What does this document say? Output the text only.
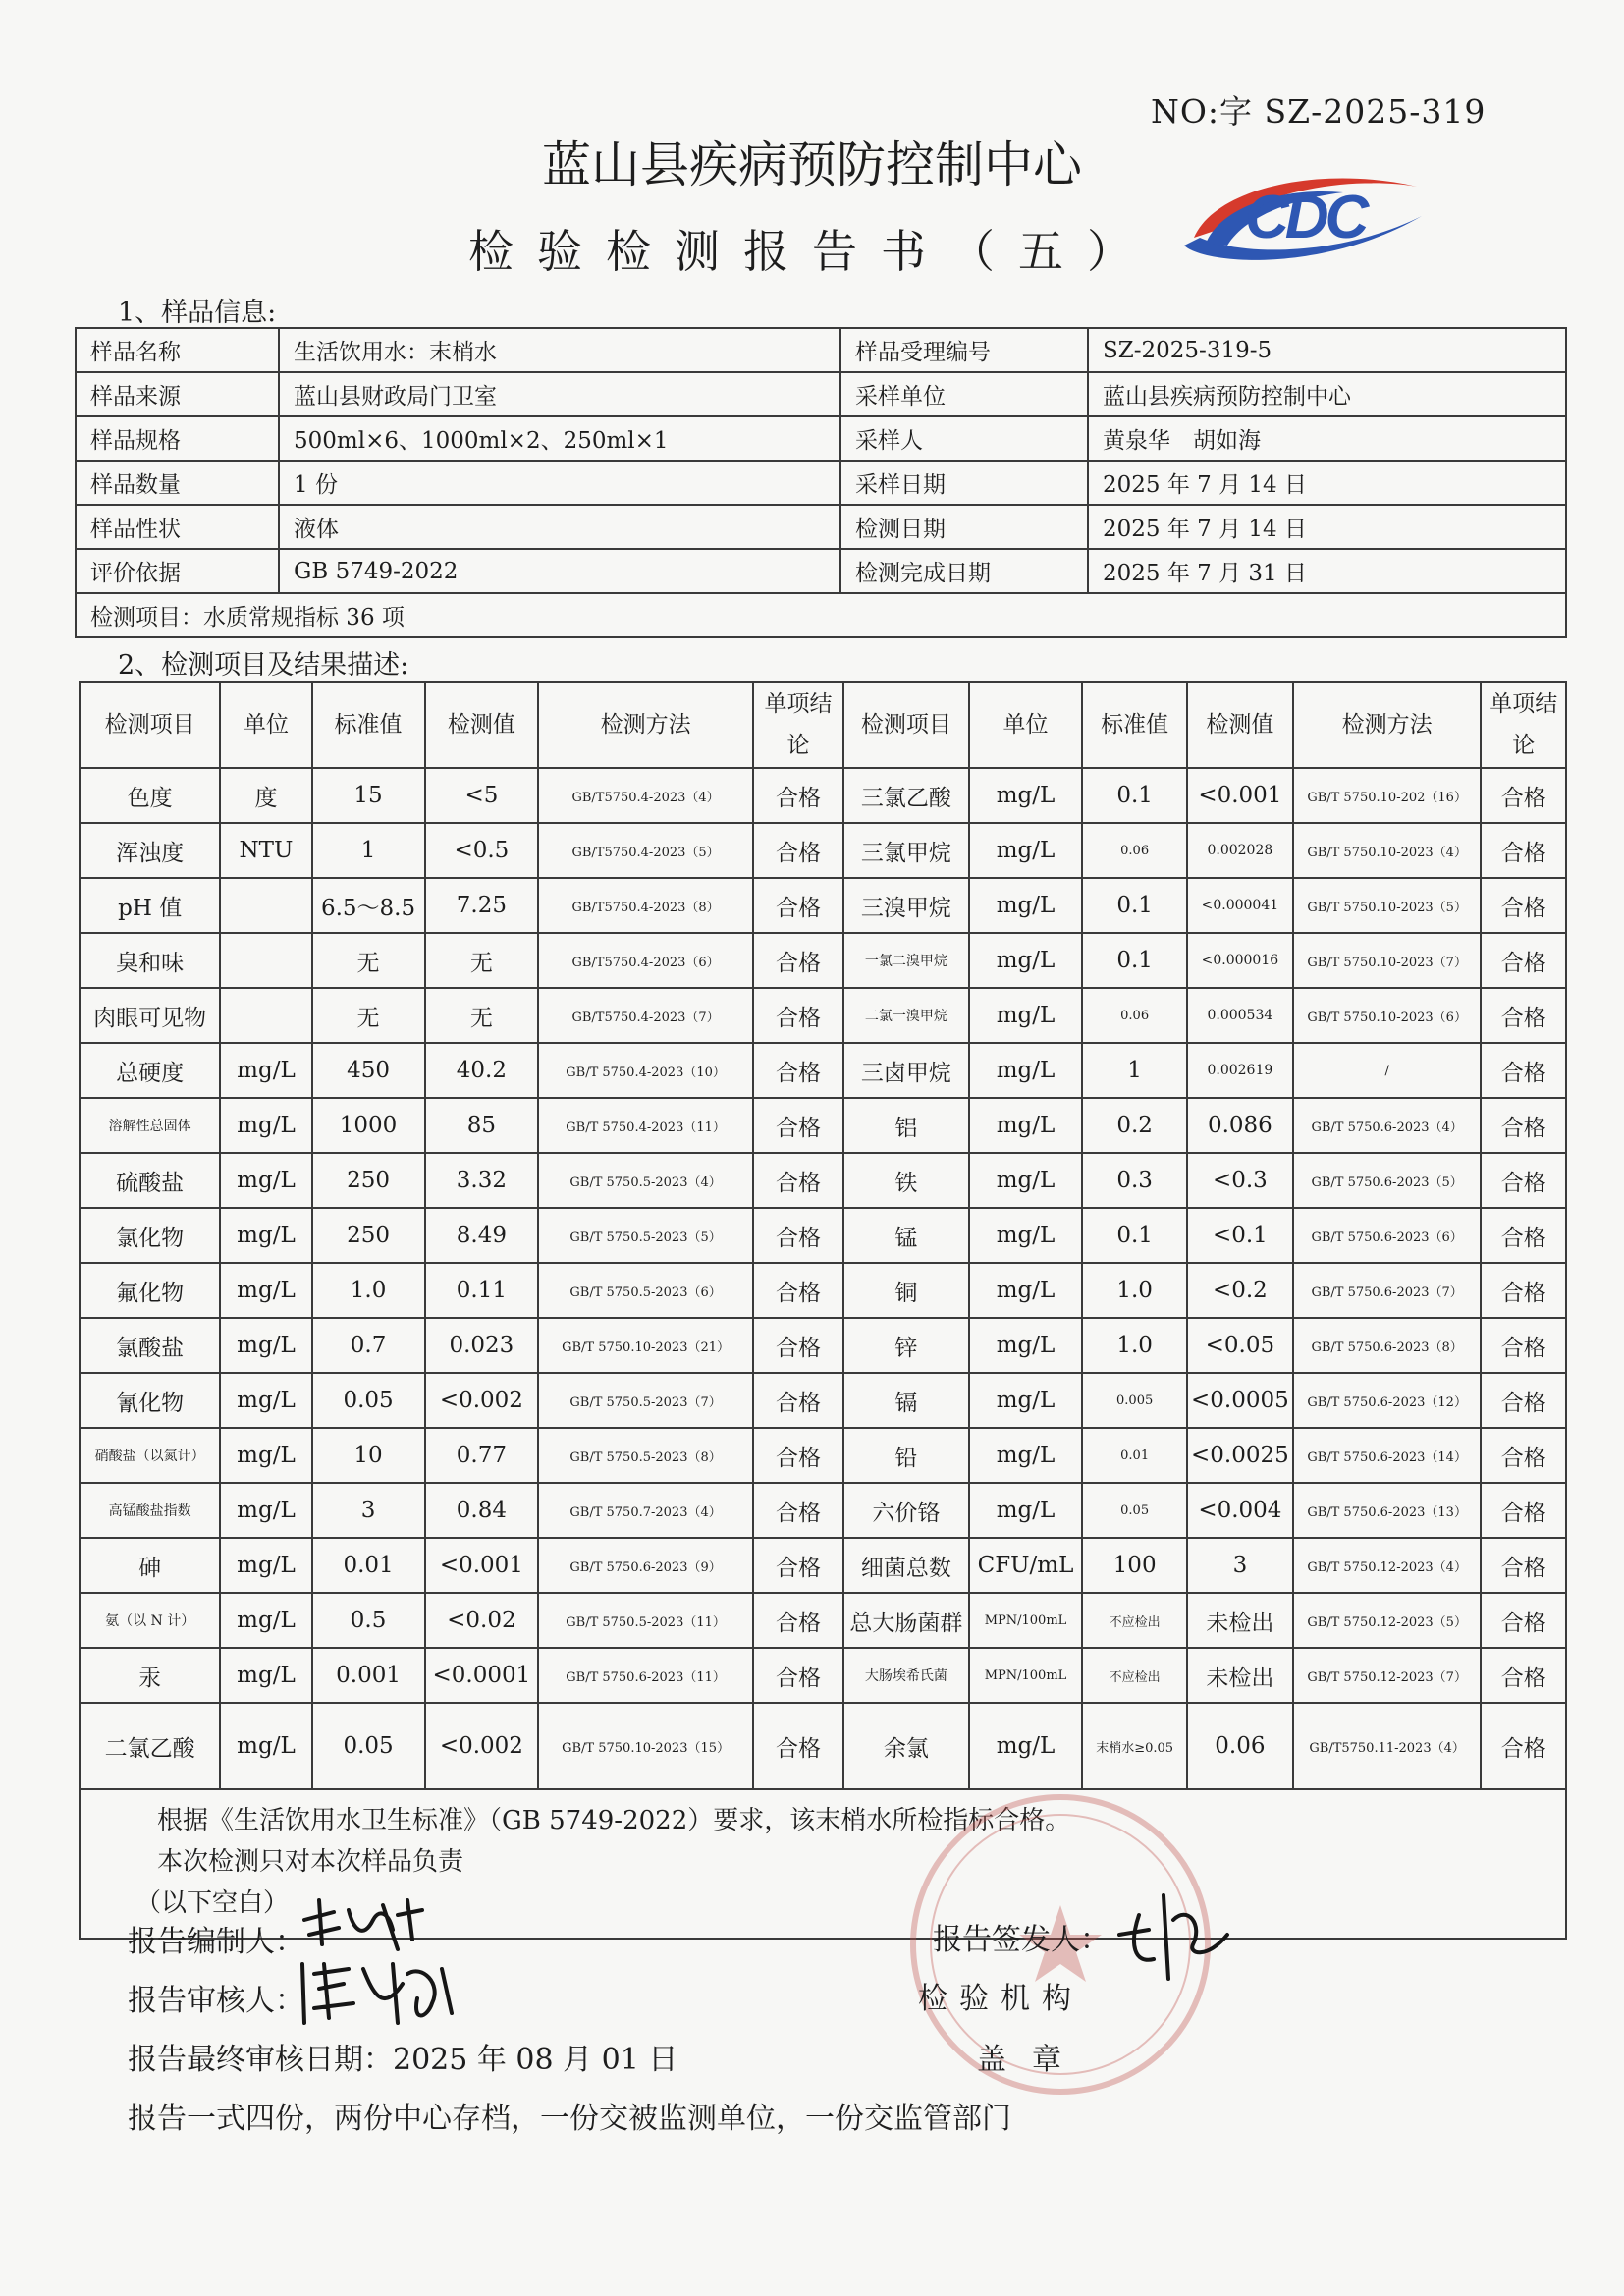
NO:字 SZ-2025-319
蓝山县疾病预防控制中心
检验检测报告书（五）	CDC
1、样品信息:
样品名称	生活饮用水：末梢水	样品受理编号	SZ-2025-319-5
样品来源	蓝山县财政局门卫室	采样单位	蓝山县疾病预防控制中心
样品规格	500ml×6、1000ml×2、250ml×1	采样人	黄泉华　胡如海
样品数量	1 份	采样日期	2025 年 7 月 14 日
样品性状	液体	检测日期	2025 年 7 月 14 日
评价依据	GB 5749-2022	检测完成日期	2025 年 7 月 31 日
检测项目：水质常规指标 36 项			
2、检测项目及结果描述:
检测项目	单位	标准值	检测值	检测方法	单项结论	检测项目	单位	标准值	检测值	检测方法	单项结论
色度	度	15	<5	GB/T5750.4-2023（4）	合格	三氯乙酸	mg/L	0.1	<0.001	GB/T 5750.10-202（16）	合格
浑浊度	NTU	1	<0.5	GB/T5750.4-2023（5）	合格	三氯甲烷	mg/L	0.06	0.002028	GB/T 5750.10-2023（4）	合格
pH 值		6.5～8.5	7.25	GB/T5750.4-2023（8）	合格	三溴甲烷	mg/L	0.1	<0.000041	GB/T 5750.10-2023（5）	合格
臭和味		无	无	GB/T5750.4-2023（6）	合格	一氯二溴甲烷	mg/L	0.1	<0.000016	GB/T 5750.10-2023（7）	合格
肉眼可见物		无	无	GB/T5750.4-2023（7）	合格	二氯一溴甲烷	mg/L	0.06	0.000534	GB/T 5750.10-2023（6）	合格
总硬度	mg/L	450	40.2	GB/T 5750.4-2023（10）	合格	三卤甲烷	mg/L	1	0.002619	/	合格
溶解性总固体	mg/L	1000	85	GB/T 5750.4-2023（11）	合格	铝	mg/L	0.2	0.086	GB/T 5750.6-2023（4）	合格
硫酸盐	mg/L	250	3.32	GB/T 5750.5-2023（4）	合格	铁	mg/L	0.3	<0.3	GB/T 5750.6-2023（5）	合格
氯化物	mg/L	250	8.49	GB/T 5750.5-2023（5）	合格	锰	mg/L	0.1	<0.1	GB/T 5750.6-2023（6）	合格
氟化物	mg/L	1.0	0.11	GB/T 5750.5-2023（6）	合格	铜	mg/L	1.0	<0.2	GB/T 5750.6-2023（7）	合格
氯酸盐	mg/L	0.7	0.023	GB/T 5750.10-2023（21）	合格	锌	mg/L	1.0	<0.05	GB/T 5750.6-2023（8）	合格
氰化物	mg/L	0.05	<0.002	GB/T 5750.5-2023（7）	合格	镉	mg/L	0.005	<0.0005	GB/T 5750.6-2023（12）	合格
硝酸盐（以氮计）	mg/L	10	0.77	GB/T 5750.5-2023（8）	合格	铅	mg/L	0.01	<0.0025	GB/T 5750.6-2023（14）	合格
高锰酸盐指数	mg/L	3	0.84	GB/T 5750.7-2023（4）	合格	六价铬	mg/L	0.05	<0.004	GB/T 5750.6-2023（13）	合格
砷	mg/L	0.01	<0.001	GB/T 5750.6-2023（9）	合格	细菌总数	CFU/mL	100	3	GB/T 5750.12-2023（4）	合格
氨（以 N 计）	mg/L	0.5	<0.02	GB/T 5750.5-2023（11）	合格	总大肠菌群	MPN/100mL	不应检出	未检出	GB/T 5750.12-2023（5）	合格
汞	mg/L	0.001	<0.0001	GB/T 5750.6-2023（11）	合格	大肠埃希氏菌	MPN/100mL	不应检出	未检出	GB/T 5750.12-2023（7）	合格
二氯乙酸	mg/L	0.05	<0.002	GB/T 5750.10-2023（15）	合格	余氯	mg/L	末梢水≥0.05	0.06	GB/T5750.11-2023（4）	合格

根据《生活饮用水卫生标准》（GB 5749-2022）要求，该末梢水所检指标合格。
本次检测只对本次样品负责
（以下空白）											
报告编制人：
报告审核人：
报告最终审核日期：2025 年 08 月 01 日
报告一式四份，两份中心存档，一份交被监测单位，一份交监管部门
报告签发人：
检验机构
盖章
